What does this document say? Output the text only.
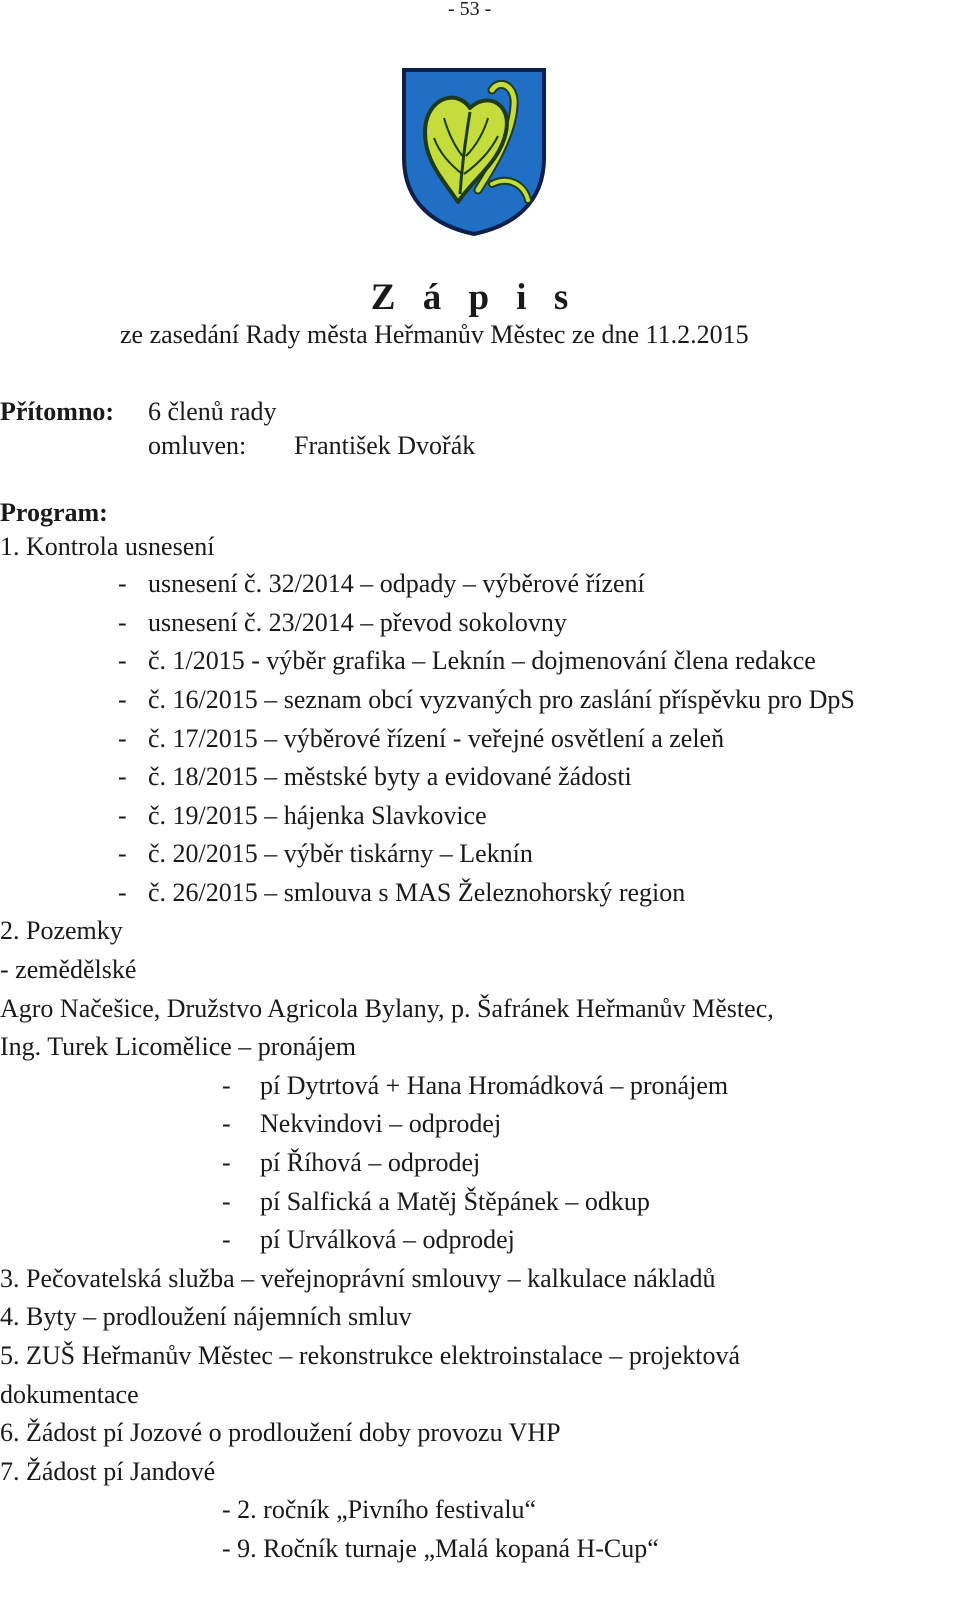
- 53 -
Z á p i s
ze zasedání Rady města Heřmanův Městec ze dne 11.2.2015
Přítomno: 6 členů rady
omluven: František Dvořák
Program:
1. Kontrola usnesení
- usnesení č. 32/2014 – odpady – výběrové řízení
- usnesení č. 23/2014 – převod sokolovny
- č. 1/2015 - výběr grafika – Leknín – dojmenování člena redakce
- č. 16/2015 – seznam obcí vyzvaných pro zaslání příspěvku pro DpS
- č. 17/2015 – výběrové řízení - veřejné osvětlení a zeleň
- č. 18/2015 – městské byty a evidované žádosti
- č. 19/2015 – hájenka Slavkovice
- č. 20/2015 – výběr tiskárny – Leknín
- č. 26/2015 – smlouva s MAS Železnohorský region
2. Pozemky
- zemědělské
Agro Načešice, Družstvo Agricola Bylany, p. Šafránek Heřmanův Městec,
Ing. Turek Licomělice – pronájem
- pí Dytrtová + Hana Hromádková – pronájem
- Nekvindovi – odprodej
- pí Říhová – odprodej
- pí Salfická a Matěj Štěpánek – odkup
- pí Urválková – odprodej
3. Pečovatelská služba – veřejnoprávní smlouvy – kalkulace nákladů
4. Byty – prodloužení nájemních smluv
5. ZUŠ Heřmanův Městec – rekonstrukce elektroinstalace – projektová
dokumentace
6. Žádost pí Jozové o prodloužení doby provozu VHP
7. Žádost pí Jandové
- 2. ročník „Pivního festivalu“
- 9. Ročník turnaje „Malá kopaná H-Cup“
